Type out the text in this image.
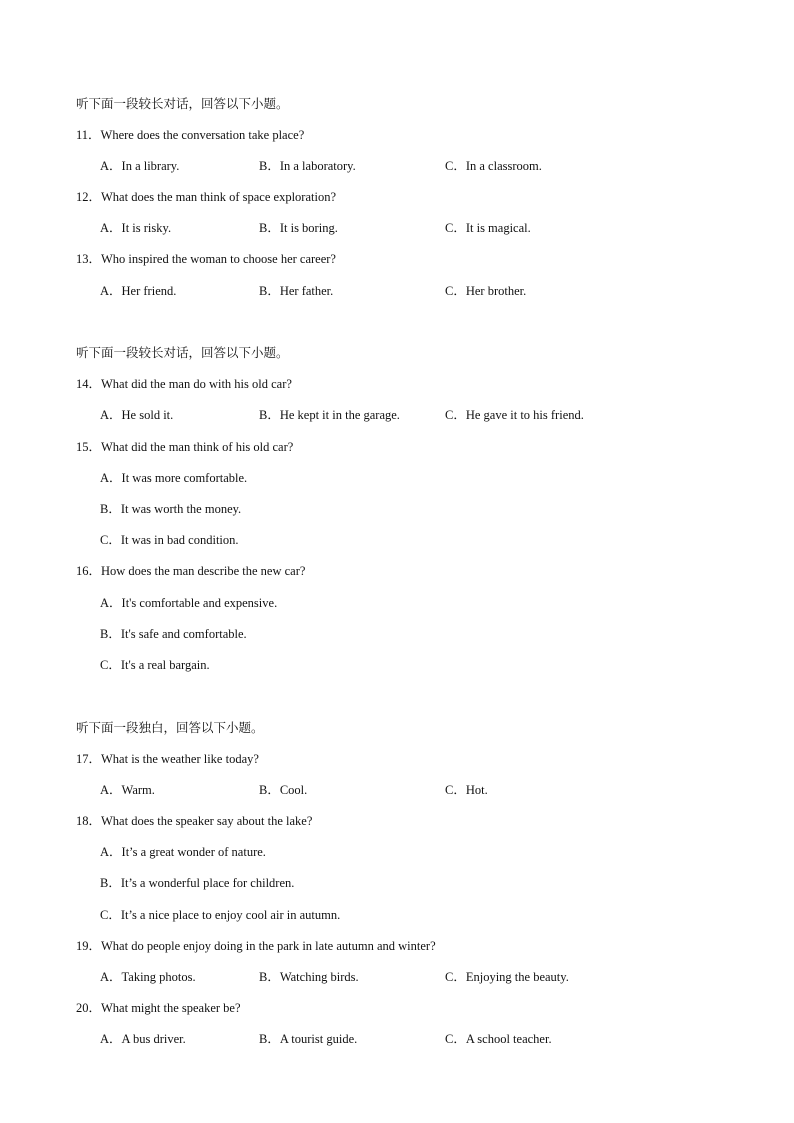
听下面一段较长对话，回答以下小题。
11．Where does the conversation take place?
A．In a library.	B．In a laboratory.	C．In a classroom.
12．What does the man think of space exploration?
A．It is risky.	B．It is boring.	C．It is magical.
13．Who inspired the woman to choose her career?
A．Her friend.	B．Her father.	C．Her brother.
听下面一段较长对话，回答以下小题。
14．What did the man do with his old car?
A．He sold it.	B．He kept it in the garage.	C．He gave it to his friend.
15．What did the man think of his old car?
A．It was more comfortable.
B．It was worth the money.
C．It was in bad condition.
16．How does the man describe the new car?
A．It's comfortable and expensive.
B．It's safe and comfortable.
C．It's a real bargain.
听下面一段独白，回答以下小题。
17．What is the weather like today?
A．Warm.	B．Cool.	C．Hot.
18．What does the speaker say about the lake?
A．It’s a great wonder of nature.
B．It’s a wonderful place for children.
C．It’s a nice place to enjoy cool air in autumn.
19．What do people enjoy doing in the park in late autumn and winter?
A．Taking photos.	B．Watching birds.	C．Enjoying the beauty.
20．What might the speaker be?
A．A bus driver.	B．A tourist guide.	C．A school teacher.
